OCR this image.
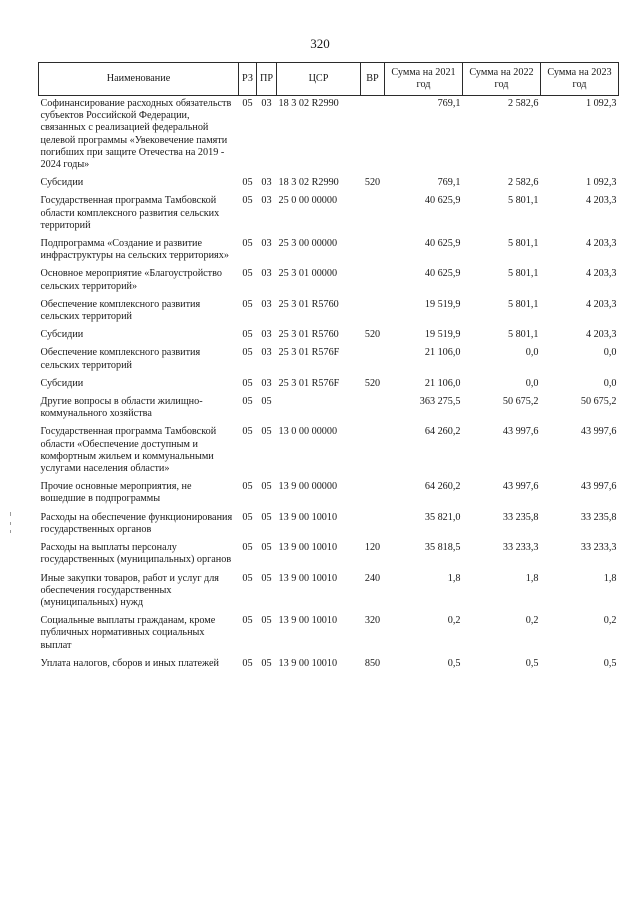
320
Наименование	РЗ	ПР	ЦСР	ВР	Сумма на 2021 год	Сумма на 2022 год	Сумма на 2023 год
Софинансирование расходных обязательств субъектов Российской Федерации, связанных с реализацией федеральной целевой программы «Увековечение памяти погибших при защите Отечества на 2019 - 2024 годы»	05	03	18 3 02 R2990		769,1	2 582,6	1 092,3
Субсидии	05	03	18 3 02 R2990	520	769,1	2 582,6	1 092,3
Государственная программа Тамбовской области комплексного развития сельских территорий	05	03	25 0 00 00000		40 625,9	5 801,1	4 203,3
Подпрограмма «Создание и развитие инфраструктуры на сельских территориях»	05	03	25 3 00 00000		40 625,9	5 801,1	4 203,3
Основное мероприятие «Благоустройство сельских территорий»	05	03	25 3 01 00000		40 625,9	5 801,1	4 203,3
Обеспечение комплексного развития сельских территорий	05	03	25 3 01 R5760		19 519,9	5 801,1	4 203,3
Субсидии	05	03	25 3 01 R5760	520	19 519,9	5 801,1	4 203,3
Обеспечение комплексного развития сельских территорий	05	03	25 3 01 R576F		21 106,0	0,0	0,0
Субсидии	05	03	25 3 01 R576F	520	21 106,0	0,0	0,0
Другие вопросы в области жилищно-коммунального хозяйства	05	05			363 275,5	50 675,2	50 675,2
Государственная программа Тамбовской области «Обеспечение доступным и комфортным жильем и коммунальными услугами населения области»	05	05	13 0 00 00000		64 260,2	43 997,6	43 997,6
Прочие основные мероприятия, не вошедшие в подпрограммы	05	05	13 9 00 00000		64 260,2	43 997,6	43 997,6
Расходы на обеспечение функционирования государственных органов	05	05	13 9 00 10010		35 821,0	33 235,8	33 235,8
Расходы на выплаты персоналу государственных (муниципальных) органов	05	05	13 9 00 10010	120	35 818,5	33 233,3	33 233,3
Иные закупки товаров, работ и услуг для обеспечения государственных (муниципальных) нужд	05	05	13 9 00 10010	240	1,8	1,8	1,8
Социальные выплаты гражданам, кроме публичных нормативных социальных выплат	05	05	13 9 00 10010	320	0,2	0,2	0,2
Уплата налогов, сборов и иных платежей	05	05	13 9 00 10010	850	0,5	0,5	0,5
